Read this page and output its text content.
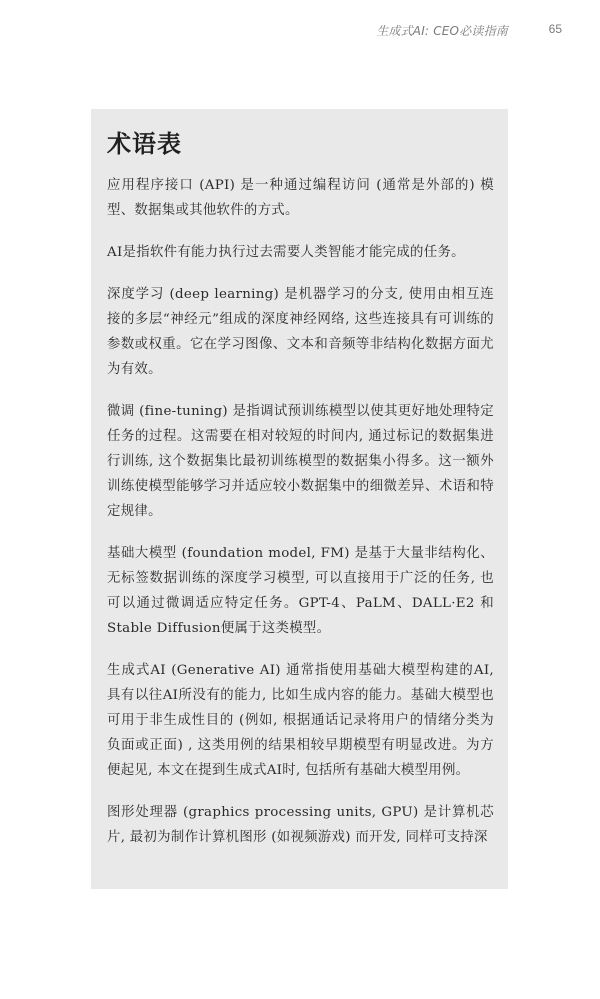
生成式AI: CEO必读指南	65
术语表

应用程序接口 (API) 是一种通过编程访问 (通常是外部的) 模型、数据集或其他软件的方式。

AI是指软件有能力执行过去需要人类智能才能完成的任务。

深度学习 (deep learning) 是机器学习的分支, 使用由相互连接的多层“神经元”组成的深度神经网络, 这些连接具有可训练的参数或权重。它在学习图像、文本和音频等非结构化数据方面尤为有效。

微调 (fine-tuning) 是指调试预训练模型以使其更好地处理特定任务的过程。这需要在相对较短的时间内, 通过标记的数据集进行训练, 这个数据集比最初训练模型的数据集小得多。这一额外训练使模型能够学习并适应较小数据集中的细微差异、术语和特定规律。

基础大模型 (foundation model, FM) 是基于大量非结构化、无标签数据训练的深度学习模型, 可以直接用于广泛的任务, 也可以通过微调适应特定任务。GPT-4、PaLM、DALL·E2 和 Stable Diffusion便属于这类模型。

生成式AI (Generative AI) 通常指使用基础大模型构建的AI, 具有以往AI所没有的能力, 比如生成内容的能力。基础大模型也可用于非生成性目的 (例如, 根据通话记录将用户的情绪分类为负面或正面) , 这类用例的结果相较早期模型有明显改进。为方便起见, 本文在提到生成式AI时, 包括所有基础大模型用例。

图形处理器 (graphics processing units, GPU) 是计算机芯片, 最初为制作计算机图形 (如视频游戏) 而开发, 同样可支持深
